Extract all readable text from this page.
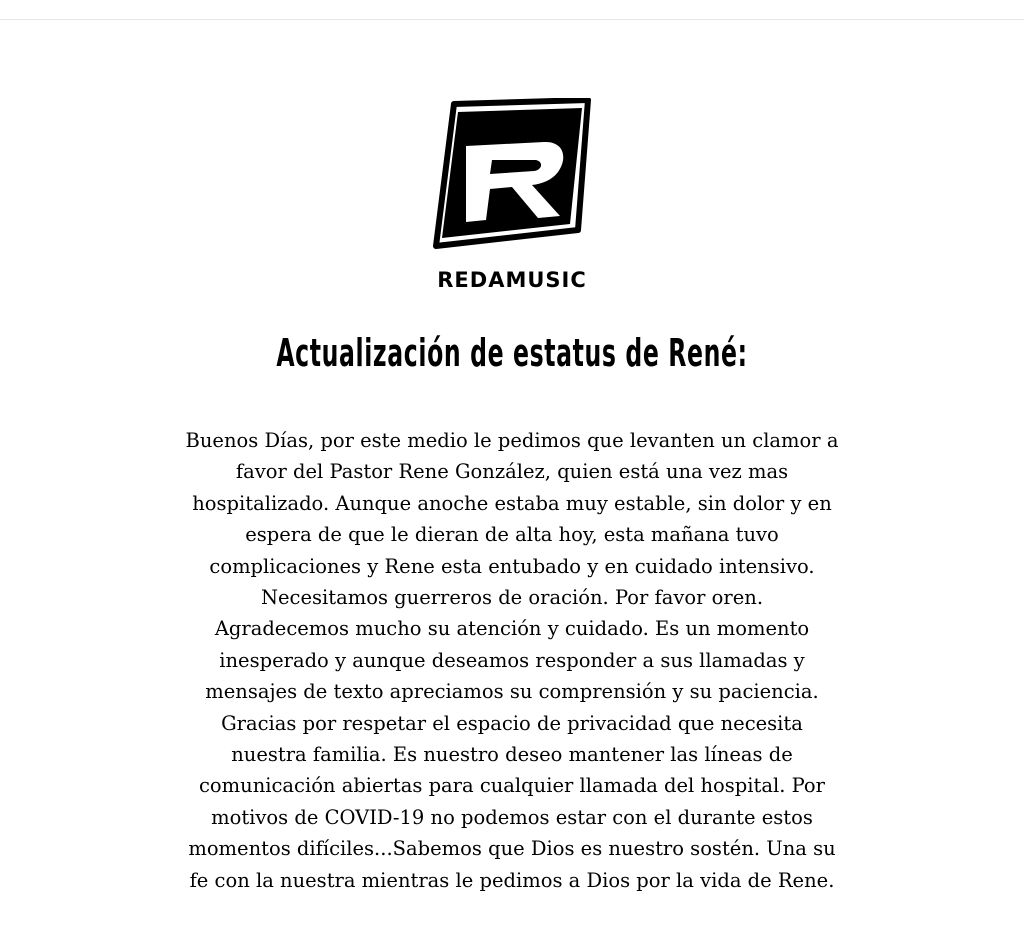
REDAMUSIC
Actualización de estatus de René:
Buenos Días, por este medio le pedimos que levanten un clamor a
favor del Pastor Rene González, quien está una vez mas
hospitalizado. Aunque anoche estaba muy estable, sin dolor y en
espera de que le dieran de alta hoy, esta mañana tuvo
complicaciones y Rene esta entubado y en cuidado intensivo.
Necesitamos guerreros de oración. Por favor oren.
Agradecemos mucho su atención y cuidado. Es un momento
inesperado y aunque deseamos responder a sus llamadas y
mensajes de texto apreciamos su comprensión y su paciencia.
Gracias por respetar el espacio de privacidad que necesita
nuestra familia. Es nuestro deseo mantener las líneas de
comunicación abiertas para cualquier llamada del hospital. Por
motivos de COVID-19 no podemos estar con el durante estos
momentos difíciles...Sabemos que Dios es nuestro sostén. Una su
fe con la nuestra mientras le pedimos a Dios por la vida de Rene.
